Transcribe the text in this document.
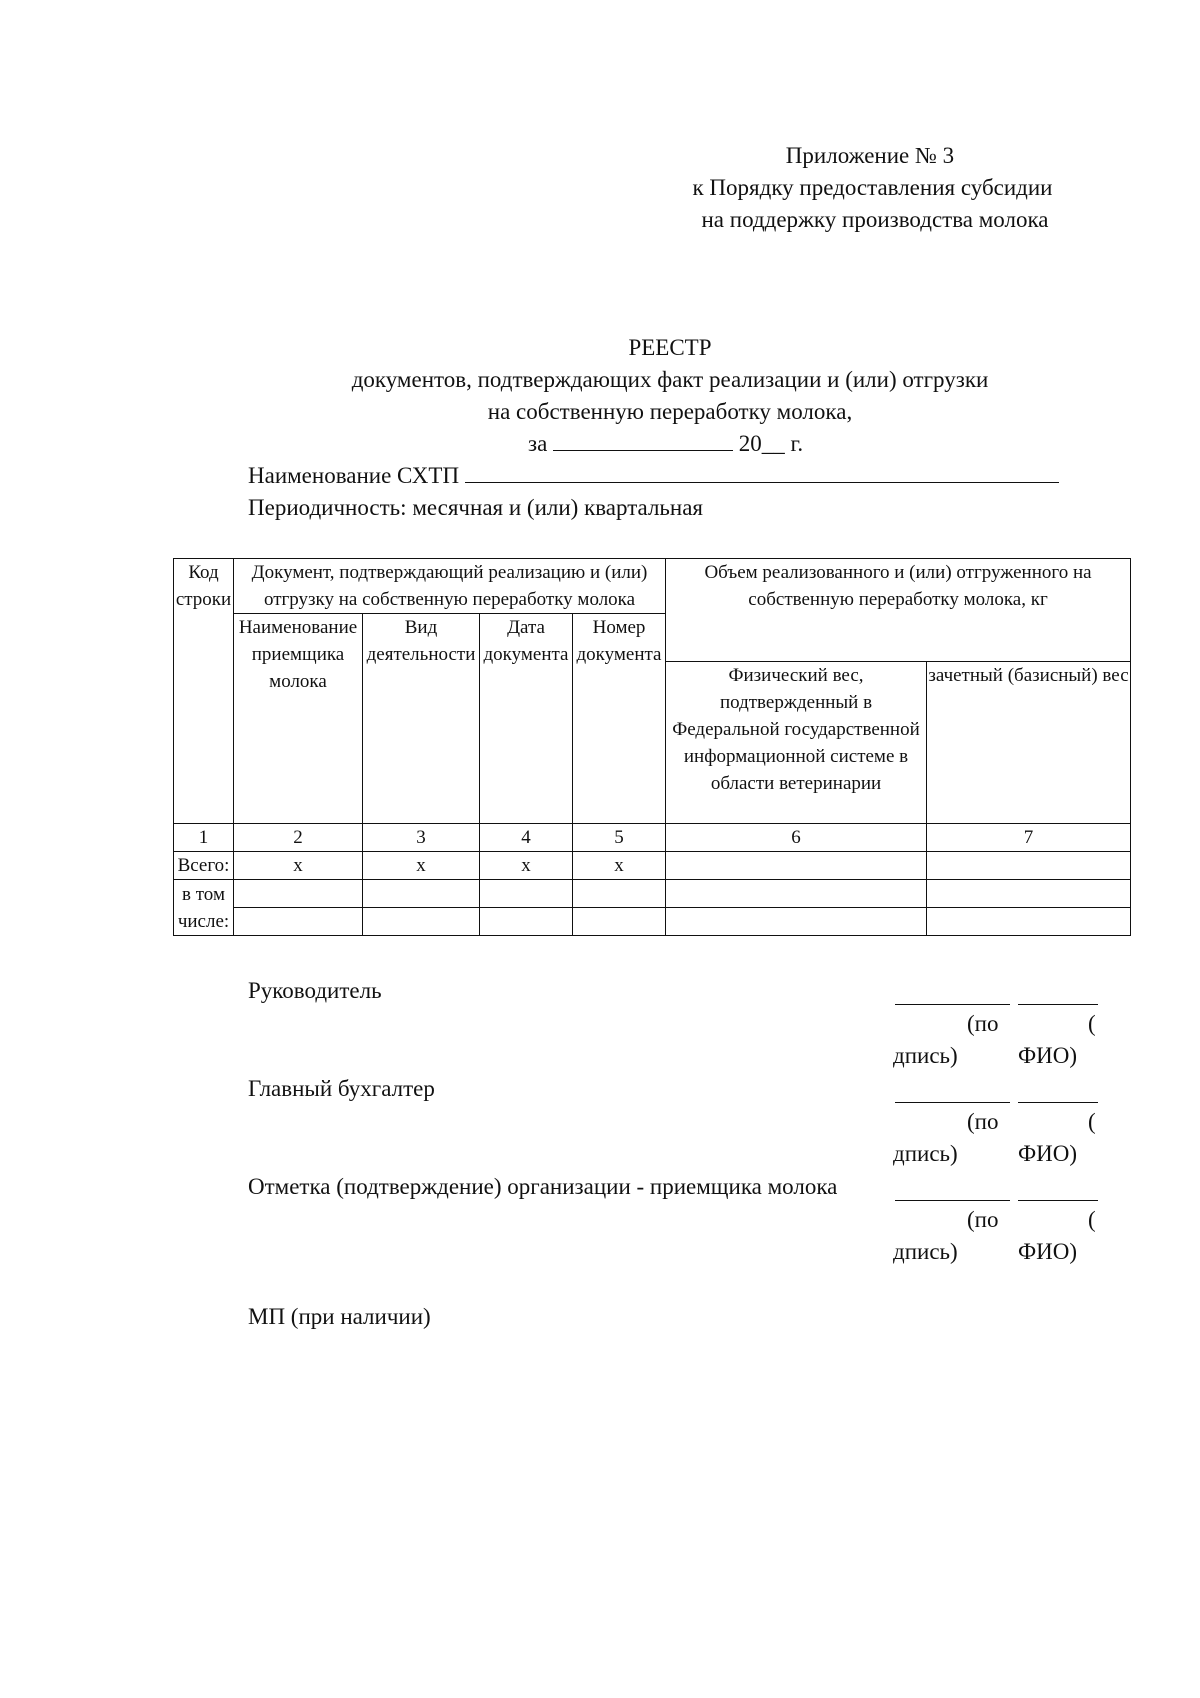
Приложение № 3
к Порядку предоставления субсидии
на поддержку производства молока
РЕЕСТР
документов, подтверждающих факт реализации и (или) отгрузки
на собственную переработку молока,
за	20__ г.
Наименование СХТП
Периодичность: месячная и (или) квартальная
Код строки	Документ, подтверждающий реализацию и (или) отгрузку на собственную переработку молока				Объем реализованного и (или) отгруженного на собственную переработку молока, кг	
	Наименование приемщика молока	Вид деятельности	Дата документа	Номер документа		
					Физический вес, подтвержденный в Федеральной государственной информационной системе в области ветеринарии	зачетный (базисный) вес
1	2	3	4	5	6	7
Всего:	х	х	х	х		

в том
числе:						

Руководитель
(по	(
дпись)	ФИО)
Главный бухгалтер
(по	(
дпись)	ФИО)
Отметка (подтверждение) организации - приемщика молока
(по	(
дпись)	ФИО)
МП (при наличии)
